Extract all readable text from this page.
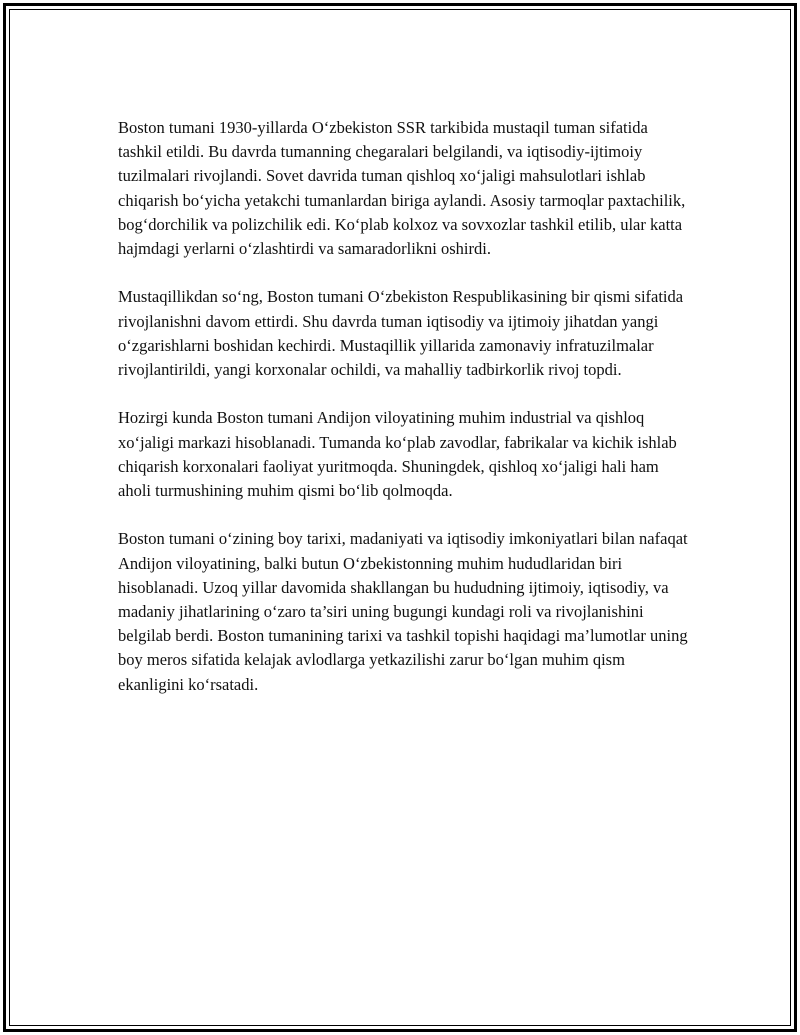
Boston tumani 1930-yillarda O‘zbekiston SSR tarkibida mustaqil tuman sifatida tashkil etildi. Bu davrda tumanning chegaralari belgilandi, va iqtisodiy-ijtimoiy tuzilmalari rivojlandi. Sovet davrida tuman qishloq xo‘jaligi mahsulotlari ishlab chiqarish bo‘yicha yetakchi tumanlardan biriga aylandi. Asosiy tarmoqlar paxtachilik, bog‘dorchilik va polizchilik edi. Ko‘plab kolxoz va sovxozlar tashkil etilib, ular katta hajmdagi yerlarni o‘zlashtirdi va samaradorlikni oshirdi.

Mustaqillikdan so‘ng, Boston tumani O‘zbekiston Respublikasining bir qismi sifatida rivojlanishni davom ettirdi. Shu davrda tuman iqtisodiy va ijtimoiy jihatdan yangi o‘zgarishlarni boshidan kechirdi. Mustaqillik yillarida zamonaviy infratuzilmalar rivojlantirildi, yangi korxonalar ochildi, va mahalliy tadbirkorlik rivoj topdi.

Hozirgi kunda Boston tumani Andijon viloyatining muhim industrial va qishloq xo‘jaligi markazi hisoblanadi. Tumanda ko‘plab zavodlar, fabrikalar va kichik ishlab chiqarish korxonalari faoliyat yuritmoqda. Shuningdek, qishloq xo‘jaligi hali ham aholi turmushining muhim qismi bo‘lib qolmoqda.

Boston tumani o‘zining boy tarixi, madaniyati va iqtisodiy imkoniyatlari bilan nafaqat Andijon viloyatining, balki butun O‘zbekistonning muhim hududlaridan biri hisoblanadi. Uzoq yillar davomida shakllangan bu hududning ijtimoiy, iqtisodiy, va madaniy jihatlarining o‘zaro ta’siri uning bugungi kundagi roli va rivojlanishini belgilab berdi. Boston tumanining tarixi va tashkil topishi haqidagi ma’lumotlar uning boy meros sifatida kelajak avlodlarga yetkazilishi zarur bo‘lgan muhim qism ekanligini ko‘rsatadi.
